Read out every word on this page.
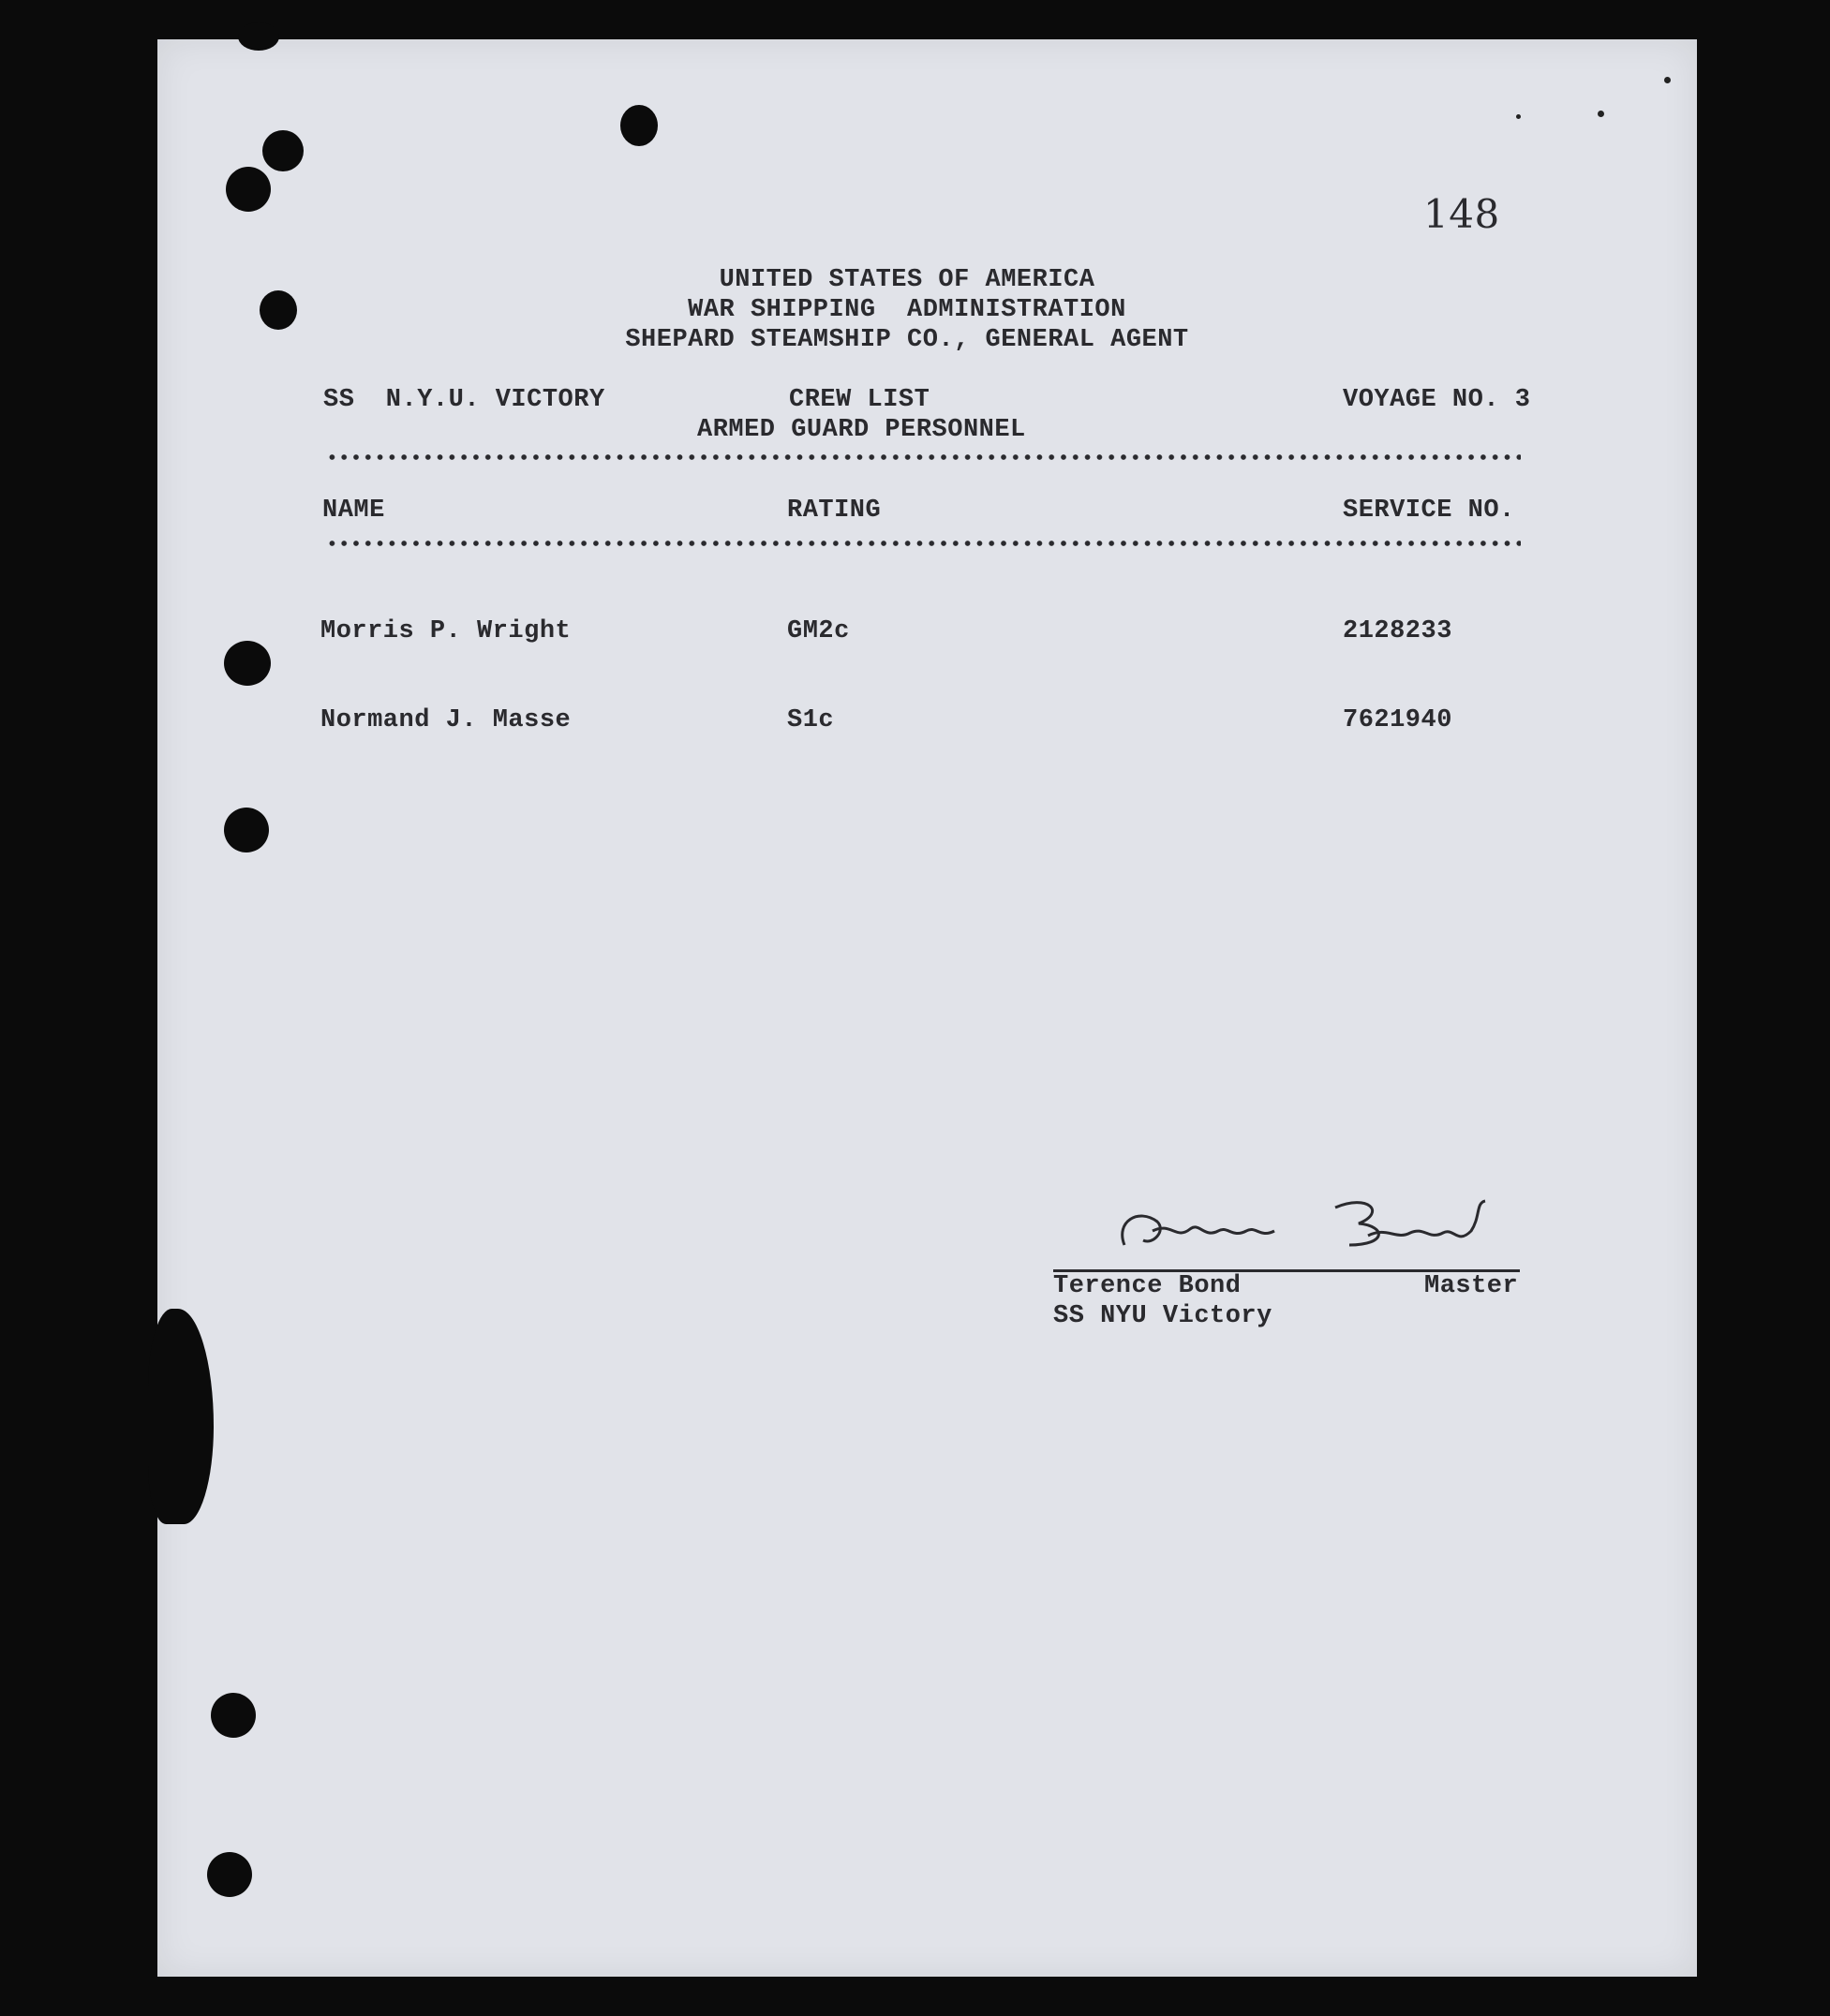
148
UNITED STATES OF AMERICA
WAR SHIPPING  ADMINISTRATION
SHEPARD STEAMSHIP CO., GENERAL AGENT
SS  N.Y.U. VICTORY	CREW LIST	VOYAGE NO. 3
ARMED GUARD PERSONNEL
NAME	RATING	SERVICE NO.
Morris P. Wright	GM2c	2128233
Normand J. Masse	S1c	7621940
Terence Bond	Master
SS NYU Victory
